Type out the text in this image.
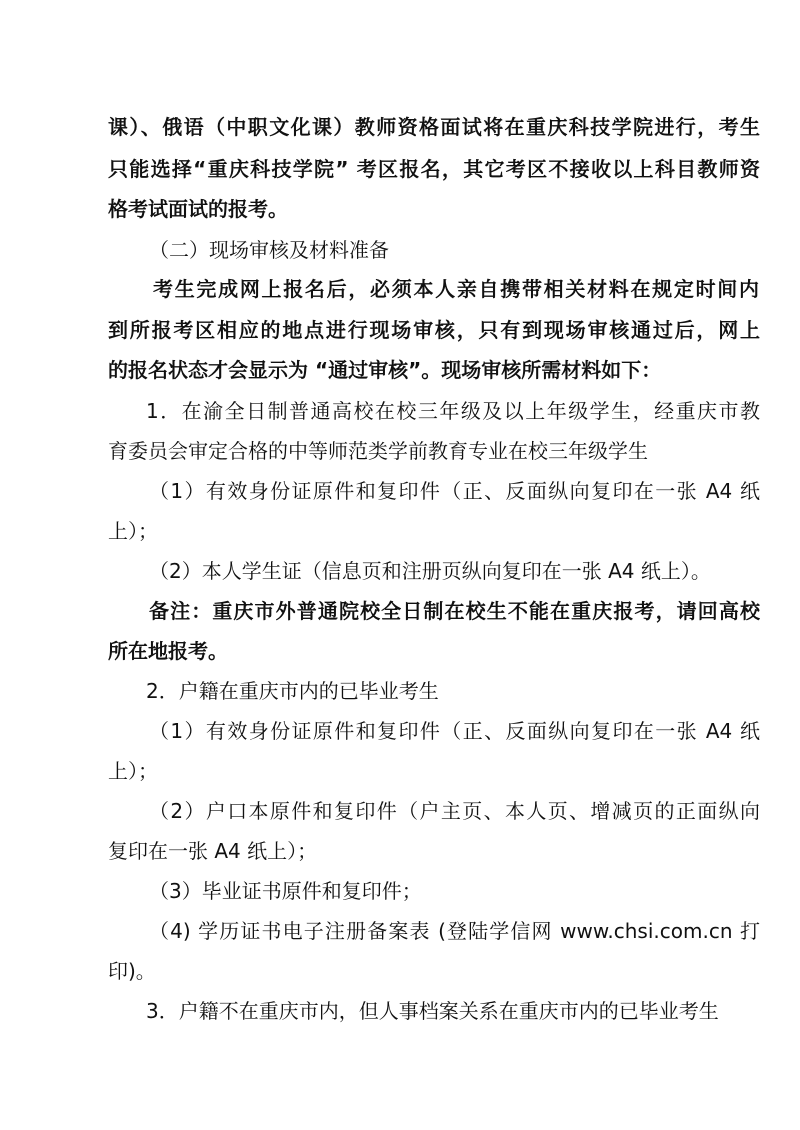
课）、俄语（中职文化课）教师资格面试将在重庆科技学院进行，考生
只能选择“重庆科技学院” 考区报名，其它考区不接收以上科目教师资
格考试面试的报考。
（二）现场审核及材料准备
考生完成网上报名后，必须本人亲自携带相关材料在规定时间内
到所报考区相应的地点进行现场审核，只有到现场审核通过后，网上
的报名状态才会显示为 “通过审核”。现场审核所需材料如下：
1．在渝全日制普通高校在校三年级及以上年级学生，经重庆市教
育委员会审定合格的中等师范类学前教育专业在校三年级学生
（1）有效身份证原件和复印件（正、反面纵向复印在一张 A4 纸
上）；
（2）本人学生证（信息页和注册页纵向复印在一张 A4 纸上）。
备注：重庆市外普通院校全日制在校生不能在重庆报考，请回高校
所在地报考。
2．户籍在重庆市内的已毕业考生
（1）有效身份证原件和复印件（正、反面纵向复印在一张 A4 纸
上）；
（2）户口本原件和复印件（户主页、本人页、增减页的正面纵向
复印在一张 A4 纸上）；
（3）毕业证书原件和复印件；
（4) 学历证书电子注册备案表 (登陆学信网 www.chsi.com.cn 打
印)。
3．户籍不在重庆市内，但人事档案关系在重庆市内的已毕业考生
